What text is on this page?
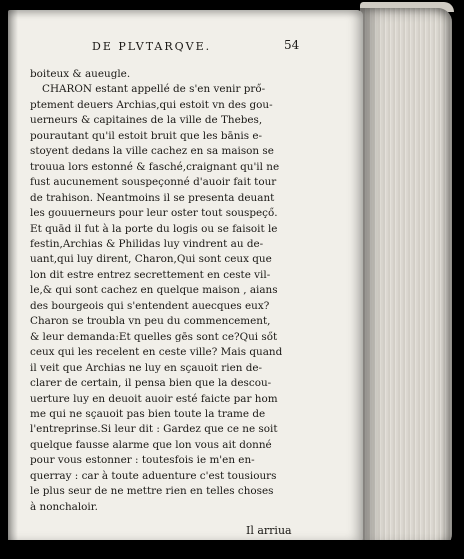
DE PLVTARQVE.	54
boiteux & aueugle.
CHARON estant appellé de s'en venir prő-
ptement deuers Archias,qui estoit vn des gou-
uerneurs & capitaines de la ville de Thebes,
pourautant qu'il estoit bruit que les bānis e-
stoyent dedans la ville cachez en sa maison se
trouua lors estonné & fasché,craignant qu'il ne
fust aucunement souspeçonné d'auoir fait tour
de trahison. Neantmoins il se presenta deuant
les gouuerneurs pour leur oster tout souspeçő.
Et quād il fut à la porte du logis ou se faisoit le
festin,Archias & Philidas luy vindrent au de-
uant,qui luy dirent, Charon,Qui sont ceux que
lon dit estre entrez secrettement en ceste vil-
le,& qui sont cachez en quelque maison , aians
des bourgeois qui s'entendent auecques eux?
Charon se troubla vn peu du commencement,
& leur demanda:Et quelles gēs sont ce?Qui sőt
ceux qui les recelent en ceste ville? Mais quand
il veit que Archias ne luy en sçauoit rien de-
clarer de certain, il pensa bien que la descou-
uerture luy en deuoit auoir esté faicte par hom
me qui ne sçauoit pas bien toute la trame de
l'entreprinse.Si leur dit : Gardez que ce ne soit
quelque fausse alarme que lon vous ait donné
pour vous estonner : toutesfois ie m'en en-
querray : car à toute aduenture c'est tousiours
le plus seur de ne mettre rien en telles choses
à nonchaloir.
Il arriua
